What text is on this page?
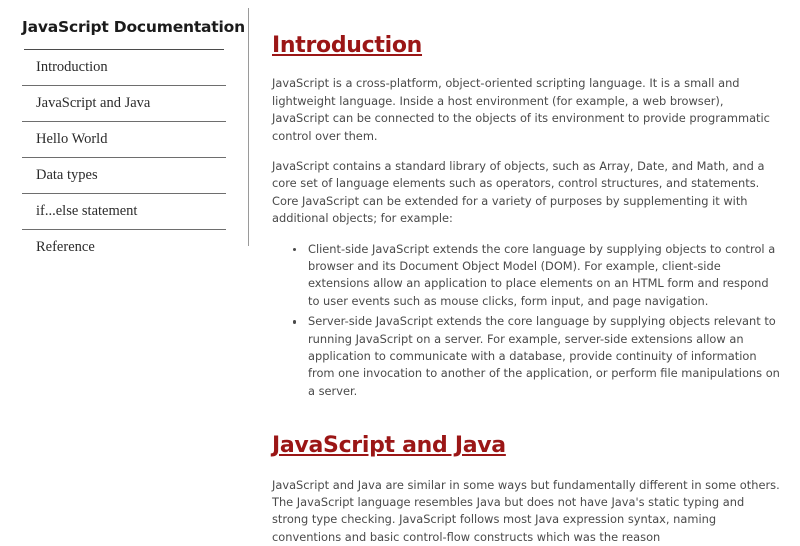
JavaScript Documentation
Introduction
JavaScript and Java
Hello World
Data types
if...else statement
Reference
Introduction

JavaScript is a cross-platform, object-oriented scripting language. It is a small and lightweight language. Inside a host environment (for example, a web browser), JavaScript can be connected to the objects of its environment to provide programmatic control over them.

JavaScript contains a standard library of objects, such as Array, Date, and Math, and a core set of language elements such as operators, control structures, and statements. Core JavaScript can be extended for a variety of purposes by supplementing it with additional objects; for example:

Client-side JavaScript extends the core language by supplying objects to control a browser and its Document Object Model (DOM). For example, client-side extensions allow an application to place elements on an HTML form and respond to user events such as mouse clicks, form input, and page navigation.
Server-side JavaScript extends the core language by supplying objects relevant to running JavaScript on a server. For example, server-side extensions allow an application to communicate with a database, provide continuity of information from one invocation to another of the application, or perform file manipulations on a server.
JavaScript and Java

JavaScript and Java are similar in some ways but fundamentally different in some others. The JavaScript language resembles Java but does not have Java's static typing and strong type checking. JavaScript follows most Java expression syntax, naming conventions and basic control-flow constructs which was the reason
